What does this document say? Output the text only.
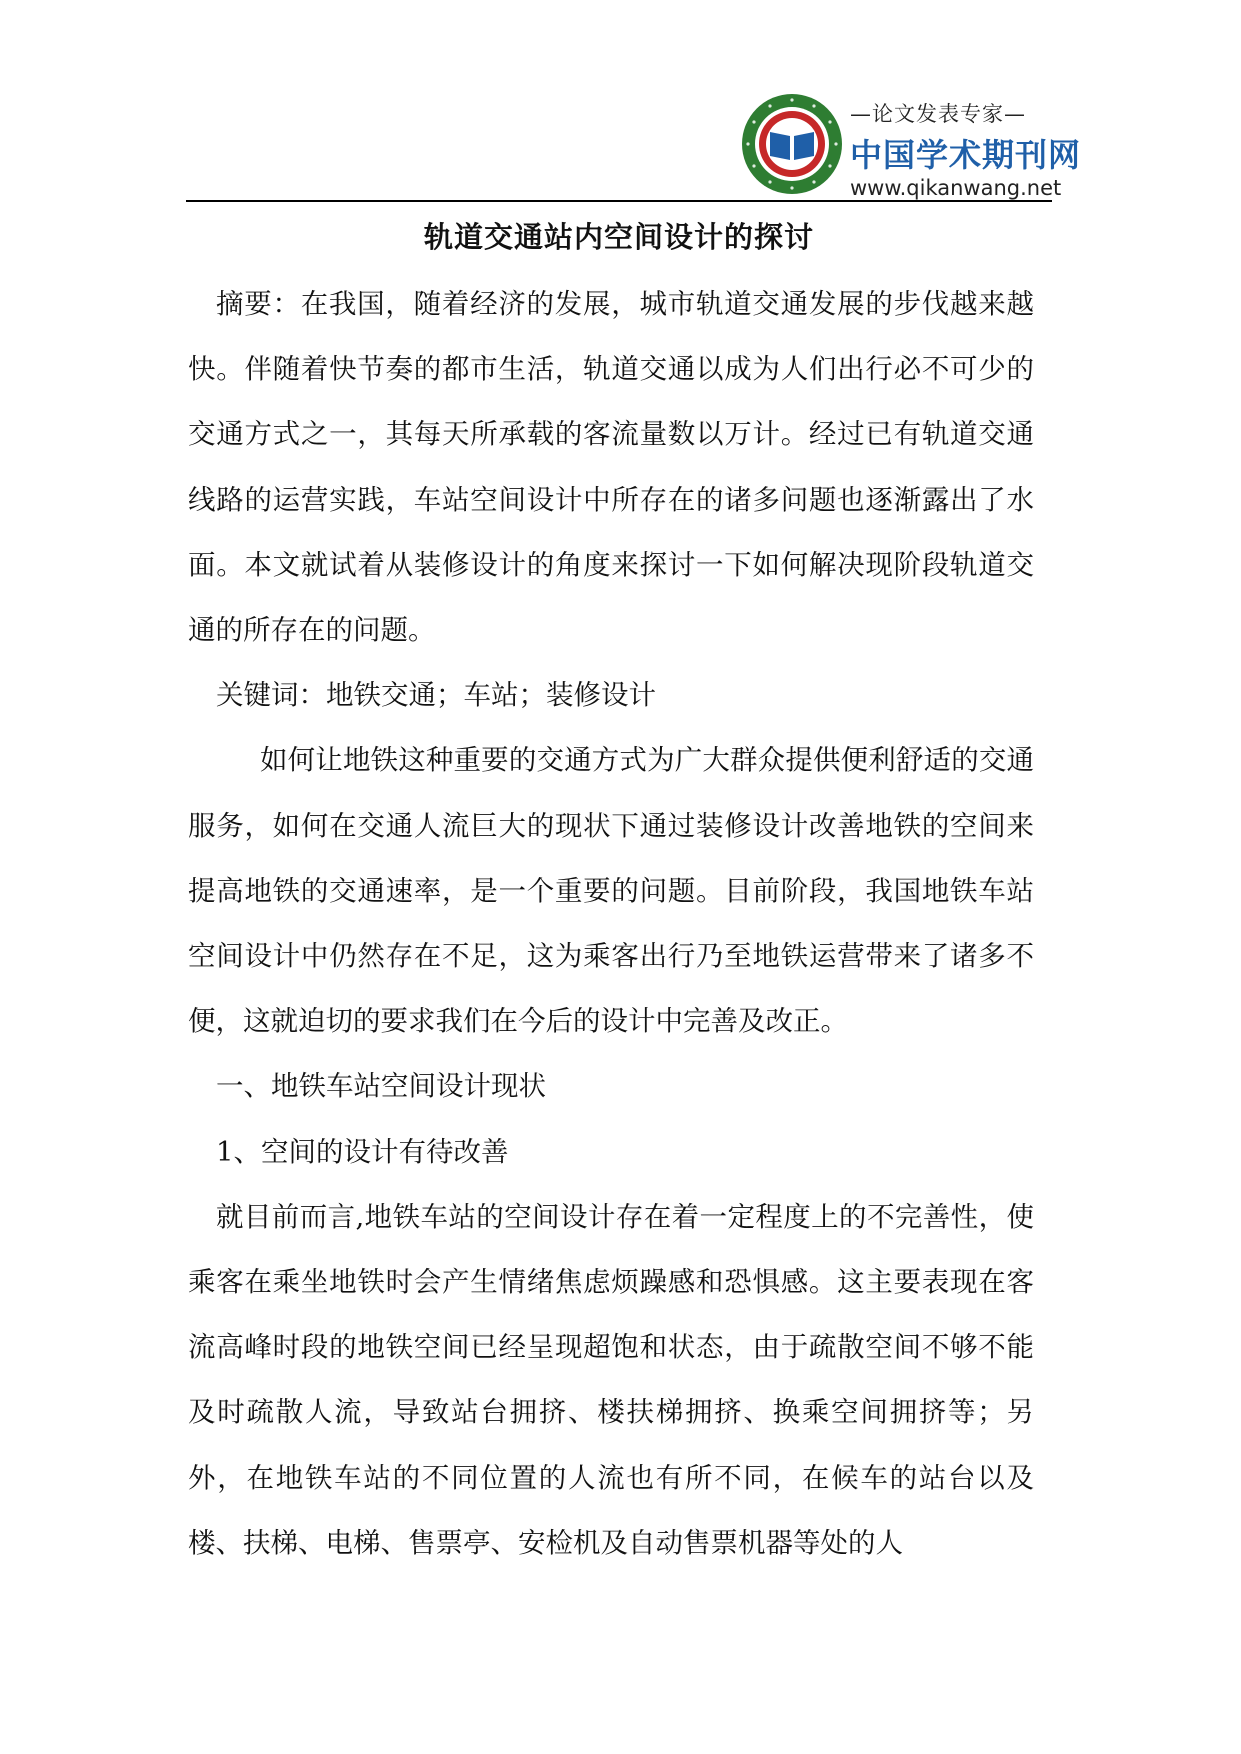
—论文发表专家—
中国学术期刊网
www.qikanwang.net
轨道交通站内空间设计的探讨

摘要：在我国，随着经济的发展，城市轨道交通发展的步伐越来越快。伴随着快节奏的都市生活，轨道交通以成为人们出行必不可少的交通方式之一，其每天所承载的客流量数以万计。经过已有轨道交通线路的运营实践，车站空间设计中所存在的诸多问题也逐渐露出了水面。本文就试着从装修设计的角度来探讨一下如何解决现阶段轨道交通的所存在的问题。

关键词：地铁交通；车站；装修设计

如何让地铁这种重要的交通方式为广大群众提供便利舒适的交通服务，如何在交通人流巨大的现状下通过装修设计改善地铁的空间来提高地铁的交通速率，是一个重要的问题。目前阶段，我国地铁车站空间设计中仍然存在不足，这为乘客出行乃至地铁运营带来了诸多不便，这就迫切的要求我们在今后的设计中完善及改正。

一、地铁车站空间设计现状

1、空间的设计有待改善

就目前而言,地铁车站的空间设计存在着一定程度上的不完善性，使乘客在乘坐地铁时会产生情绪焦虑烦躁感和恐惧感。这主要表现在客流高峰时段的地铁空间已经呈现超饱和状态，由于疏散空间不够不能及时疏散人流，导致站台拥挤、楼扶梯拥挤、换乘空间拥挤等；另外，在地铁车站的不同位置的人流也有所不同，在候车的站台以及楼、扶梯、电梯、售票亭、安检机及自动售票机器等处的人
